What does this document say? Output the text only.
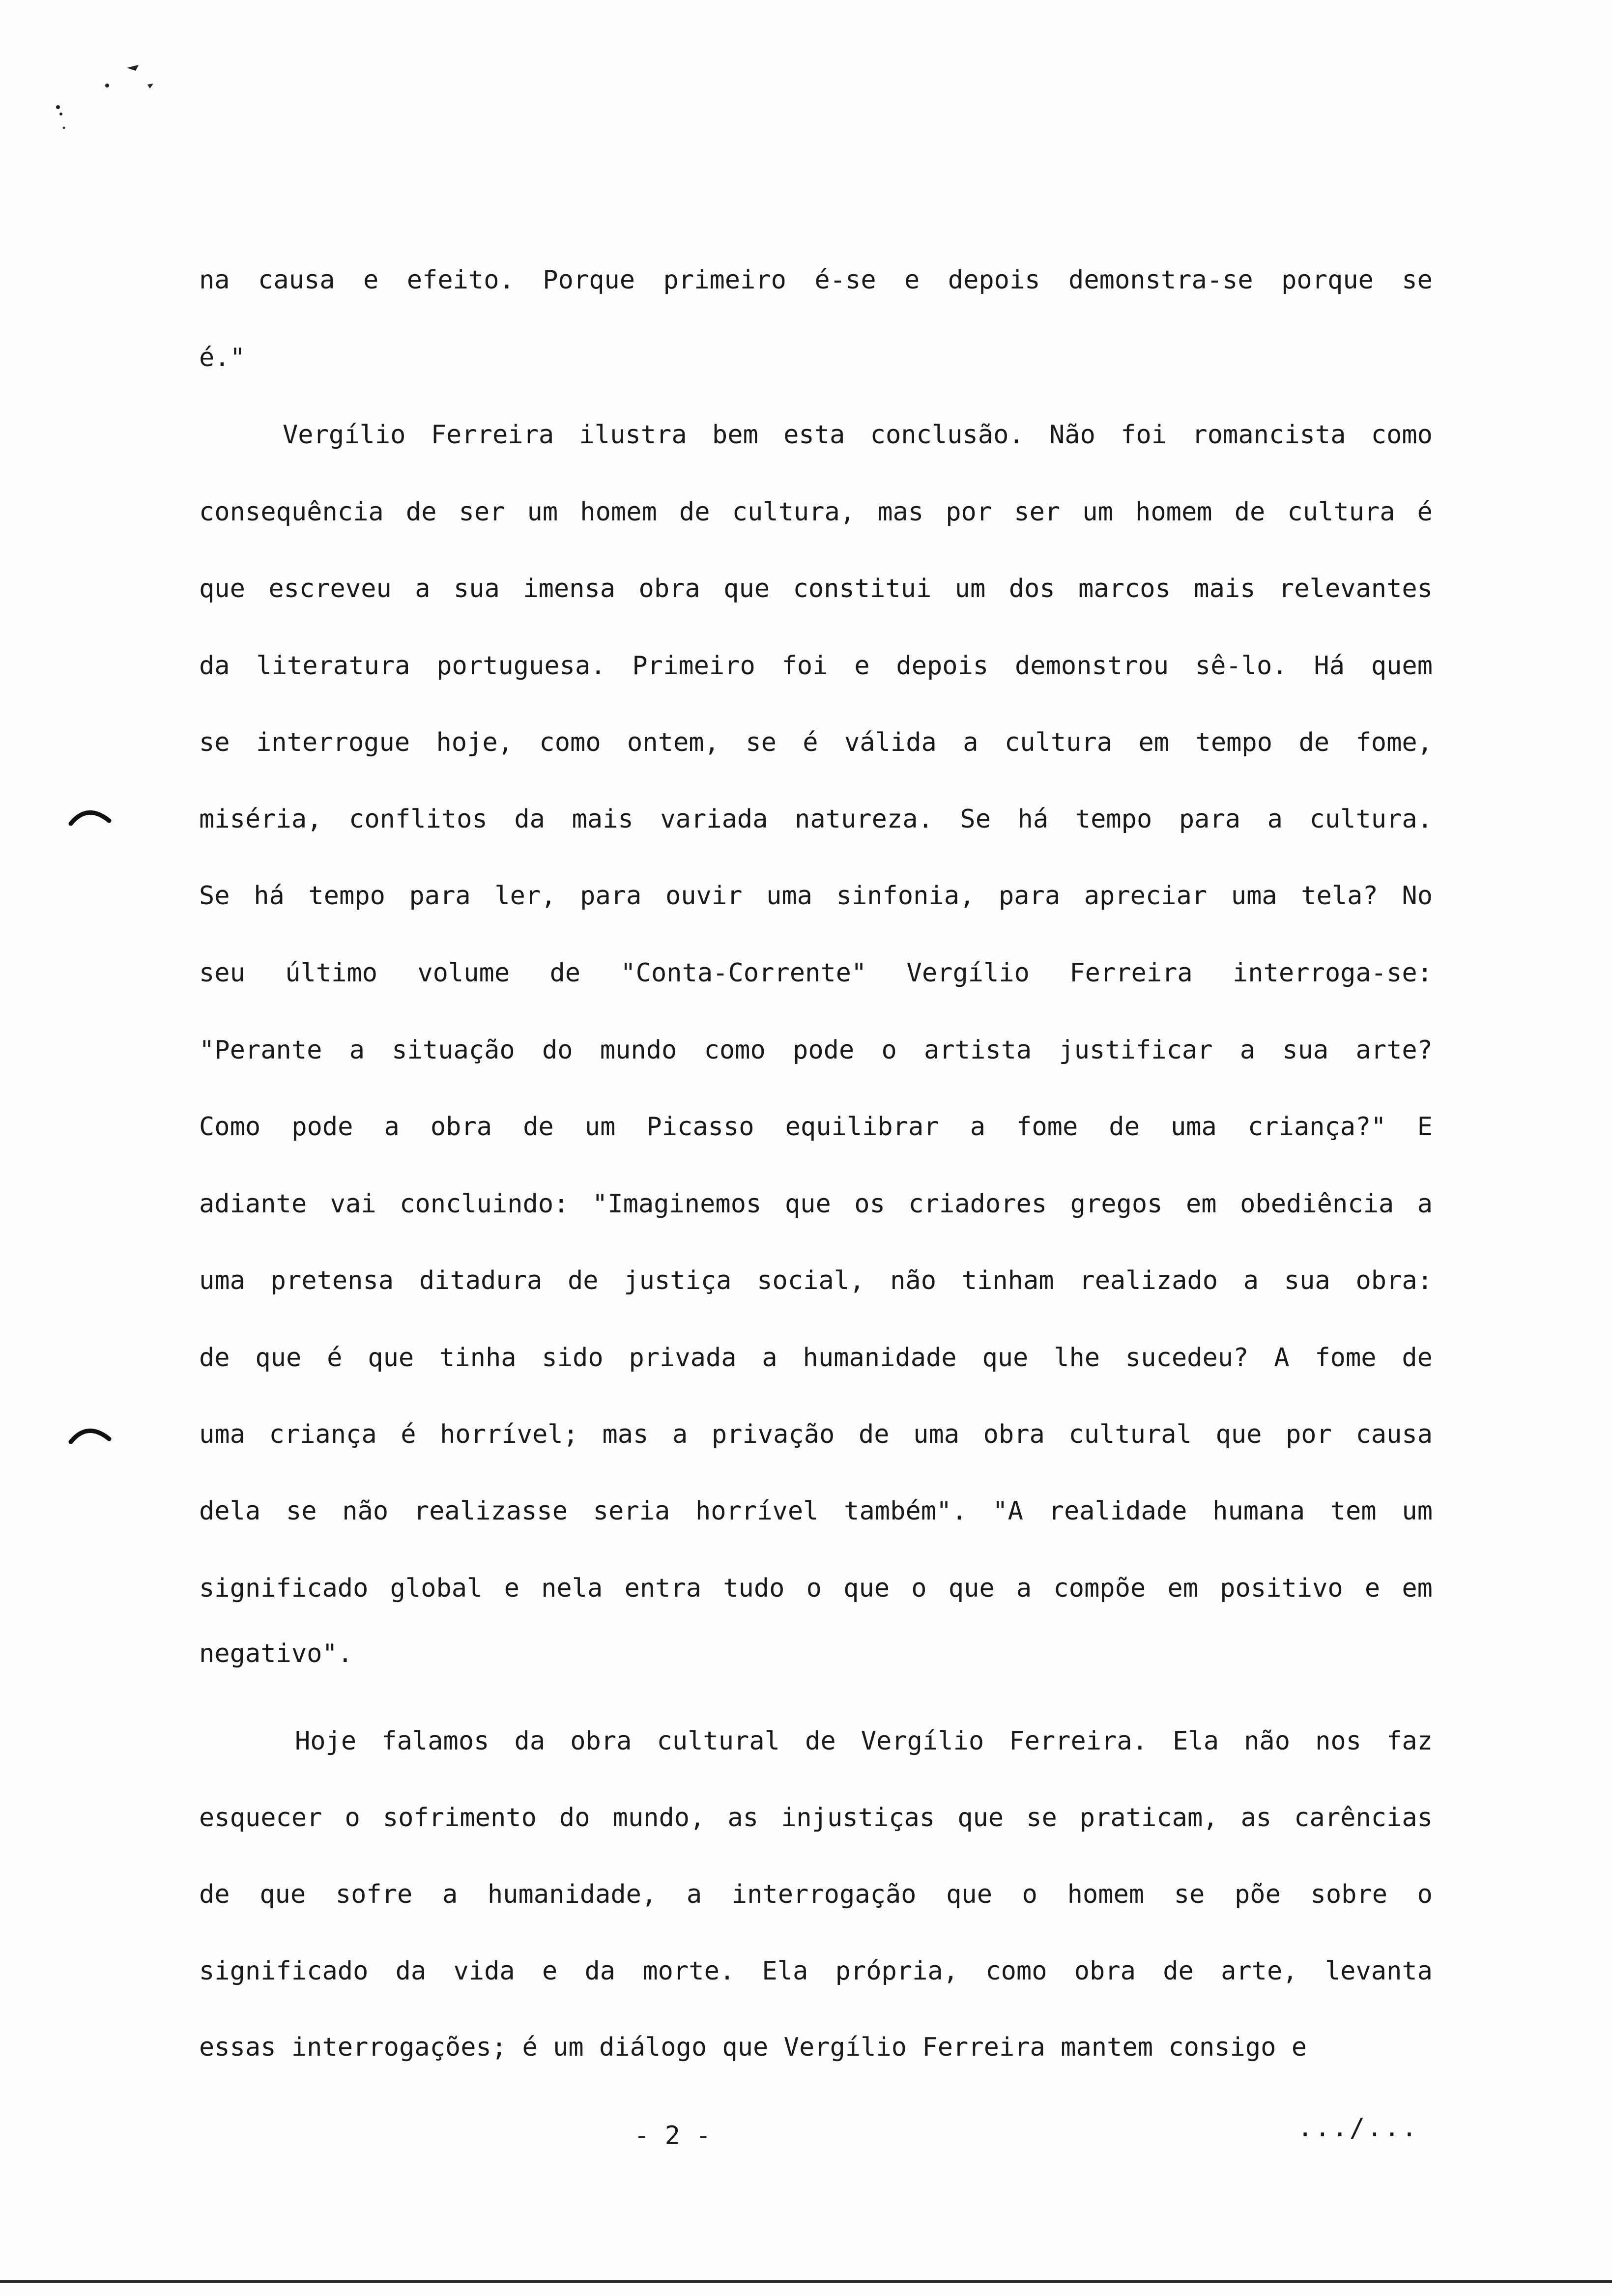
na causa e efeito. Porque primeiro é-se e depois demonstra-se porque se
é."
Vergílio Ferreira ilustra bem esta conclusão. Não foi romancista como
consequência de ser um homem de cultura, mas por ser um homem de cultura é
que escreveu a sua imensa obra que constitui um dos marcos mais relevantes
da literatura portuguesa. Primeiro foi e depois demonstrou sê-lo. Há quem
se interrogue hoje, como ontem, se é válida a cultura em tempo de fome,
miséria, conflitos da mais variada natureza. Se há tempo para a cultura.
Se há tempo para ler, para ouvir uma sinfonia, para apreciar uma tela? No
seu último volume de "Conta-Corrente" Vergílio Ferreira interroga-se:
"Perante a situação do mundo como pode o artista justificar a sua arte?
Como pode a obra de um Picasso equilibrar a fome de uma criança?" E
adiante vai concluindo: "Imaginemos que os criadores gregos em obediência a
uma pretensa ditadura de justiça social, não tinham realizado a sua obra:
de que é que tinha sido privada a humanidade que lhe sucedeu? A fome de
uma criança é horrível; mas a privação de uma obra cultural que por causa
dela se não realizasse seria horrível também". "A realidade humana tem um
significado global e nela entra tudo o que o que a compõe em positivo e em
negativo".
Hoje falamos da obra cultural de Vergílio Ferreira. Ela não nos faz
esquecer o sofrimento do mundo, as injustiças que se praticam, as carências
de que sofre a humanidade, a interrogação que o homem se põe sobre o
significado da vida e da morte. Ela própria, como obra de arte, levanta
essas interrogações; é um diálogo que Vergílio Ferreira mantem consigo e
- 2 -	.../...
